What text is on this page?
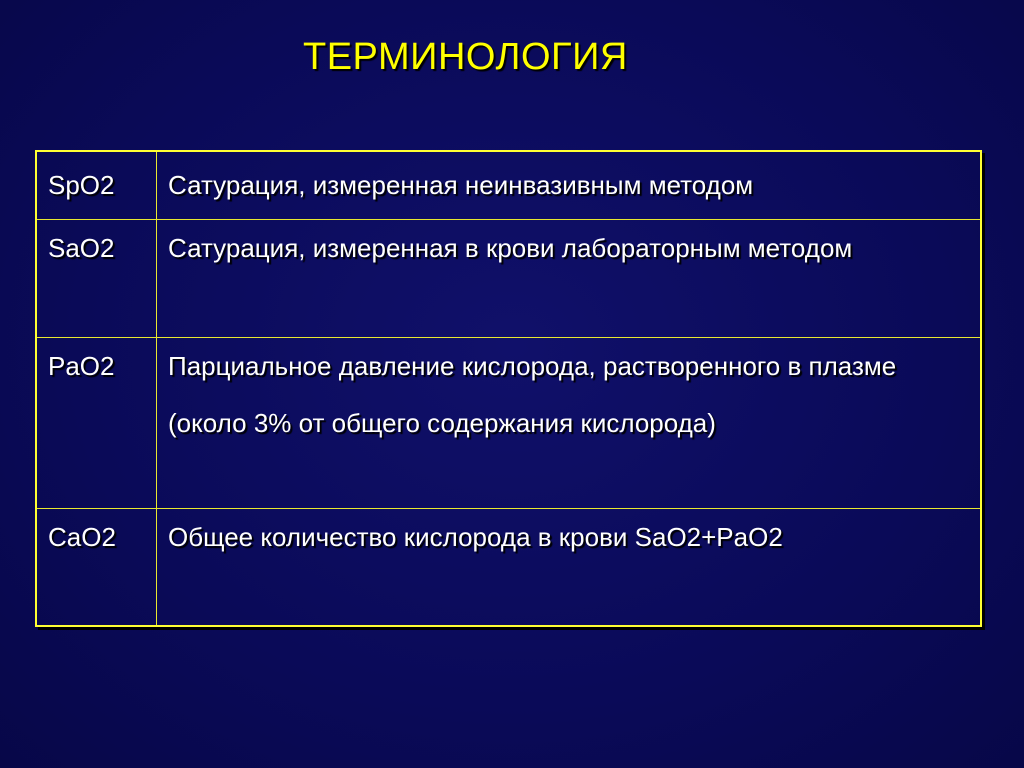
ТЕРМИНОЛОГИЯ
SpO2	Сатурация, измеренная неинвазивным методом

SaO2	Сатурация, измеренная в крови лабораторным методом

PaO2	Парциальное давление кислорода, растворенного в плазме (около 3% от общего содержания кислорода)

CaO2	Общее количество кислорода в крови SaO2+PaO2
